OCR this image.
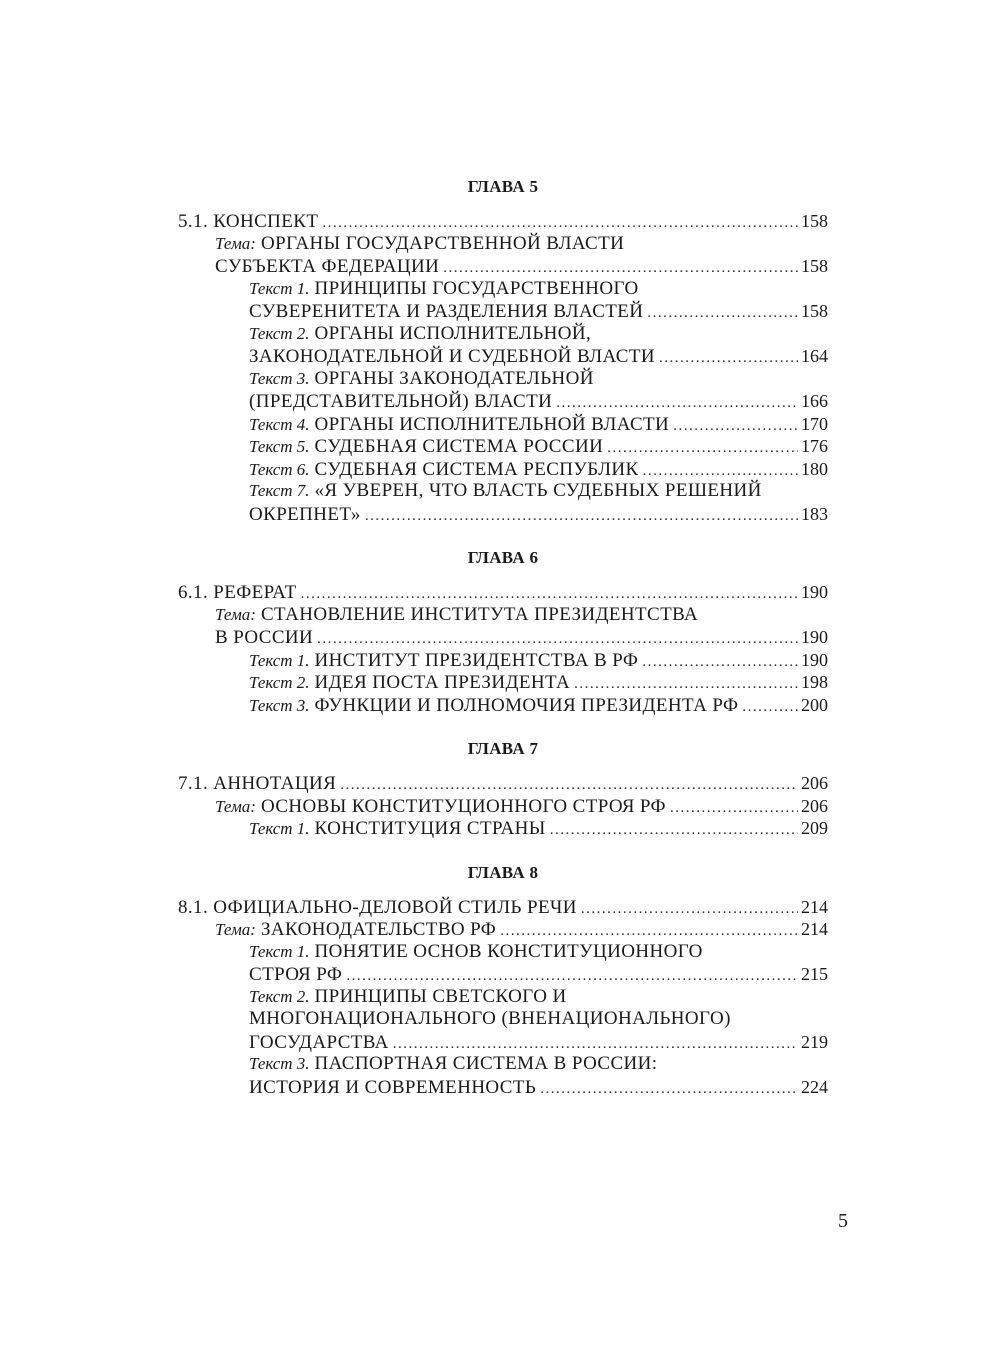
ГЛАВА 5
5.1. КОНСПЕКТ .....	158
Тема: ОРГАНЫ ГОСУДАРСТВЕННОЙ ВЛАСТИ
СУБЪЕКТА ФЕДЕРАЦИИ .....	158
Текст 1. ПРИНЦИПЫ ГОСУДАРСТВЕННОГО
СУВЕРЕНИТЕТА И РАЗДЕЛЕНИЯ ВЛАСТЕЙ .....	158
Текст 2. ОРГАНЫ ИСПОЛНИТЕЛЬНОЙ,
ЗАКОНОДАТЕЛЬНОЙ И СУДЕБНОЙ ВЛАСТИ .....	164
Текст 3. ОРГАНЫ ЗАКОНОДАТЕЛЬНОЙ
(ПРЕДСТАВИТЕЛЬНОЙ) ВЛАСТИ .....	166
Текст 4. ОРГАНЫ ИСПОЛНИТЕЛЬНОЙ ВЛАСТИ .....	170
Текст 5. СУДЕБНАЯ СИСТЕМА РОССИИ .....	176
Текст 6. СУДЕБНАЯ СИСТЕМА РЕСПУБЛИК .....	180
Текст 7. «Я УВЕРЕН, ЧТО ВЛАСТЬ СУДЕБНЫХ РЕШЕНИЙ
ОКРЕПНЕТ» .....	183
ГЛАВА 6
6.1. РЕФЕРАТ .....	190
Тема: СТАНОВЛЕНИЕ ИНСТИТУТА ПРЕЗИДЕНТСТВА
В РОССИИ .....	190
Текст 1. ИНСТИТУТ ПРЕЗИДЕНТСТВА В РФ .....	190
Текст 2. ИДЕЯ ПОСТА ПРЕЗИДЕНТА .....	198
Текст 3. ФУНКЦИИ И ПОЛНОМОЧИЯ ПРЕЗИДЕНТА РФ .....	200
ГЛАВА 7
7.1. АННОТАЦИЯ .....	206
Тема: ОСНОВЫ КОНСТИТУЦИОННОГО СТРОЯ РФ .....	206
Текст 1. КОНСТИТУЦИЯ СТРАНЫ .....	209
ГЛАВА 8
8.1. ОФИЦИАЛЬНО-ДЕЛОВОЙ СТИЛЬ РЕЧИ .....	214
Тема: ЗАКОНОДАТЕЛЬСТВО РФ .....	214
Текст 1. ПОНЯТИЕ ОСНОВ КОНСТИТУЦИОННОГО
СТРОЯ РФ .....	215
Текст 2. ПРИНЦИПЫ СВЕТСКОГО И
МНОГОНАЦИОНАЛЬНОГО (ВНЕНАЦИОНАЛЬНОГО)
ГОСУДАРСТВА .....	219
Текст 3. ПАСПОРТНАЯ СИСТЕМА В РОССИИ:
ИСТОРИЯ И СОВРЕМЕННОСТЬ .....	224
5
